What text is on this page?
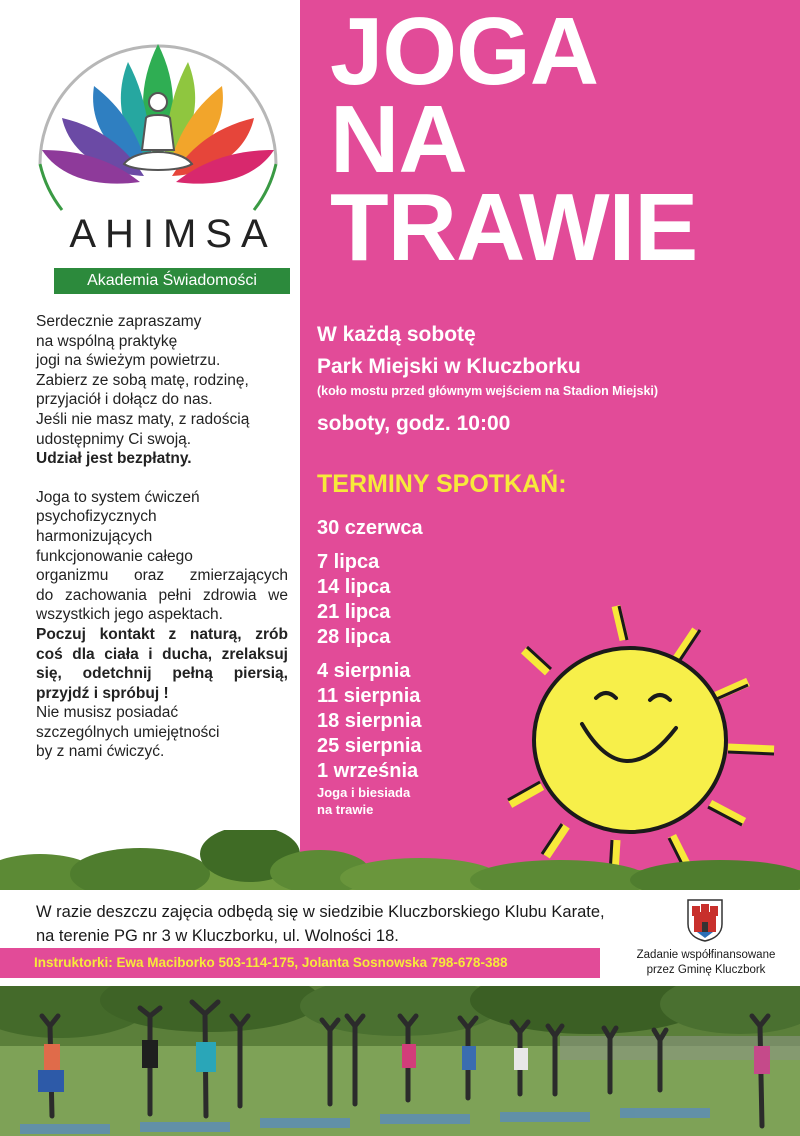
AHIMSA
Akademia Świadomości

Serdecznie zapraszamy

na wspólną praktykę

jogi na świeżym powietrzu.

Zabierz ze sobą matę, rodzinę,

przyjaciół i dołącz do nas.

Jeśli nie masz maty, z radością

udostępnimy Ci swoją.

Udział jest bezpłatny.

Joga to system ćwiczeń

psychofizycznych

harmonizujących

funkcjonowanie całego

organizmu oraz zmierzających

do zachowania pełni zdrowia we

wszystkich jego aspektach.

Poczuj kontakt z naturą, zrób

coś dla ciała i ducha, zrelaksuj

się, odetchnij pełną piersią,

przyjdź i spróbuj !

Nie musisz posiadać

szczególnych umiejętności

by z nami ćwiczyć.

JOGA
NA
TRAWIE
W każdą sobotę
Park Miejski w Kluczborku
(koło mostu przed głównym wejściem na Stadion Miejski)
soboty, godz. 10:00
TERMINY SPOTKAŃ:
30 czerwca
7 lipca
14 lipca
21 lipca
28 lipca
4 sierpnia
11 sierpnia
18 sierpnia
25 sierpnia
1 września
Joga i biesiada
na trawie
W razie deszczu zajęcia odbędą się w siedzibie Kluczborskiego Klubu Karate,
na terenie PG nr 3 w Kluczborku, ul. Wolności 18.
Instruktorki: Ewa Maciborko 503-114-175, Jolanta Sosnowska 798-678-388	Zadanie współfinansowane
przez Gminę Kluczbork
